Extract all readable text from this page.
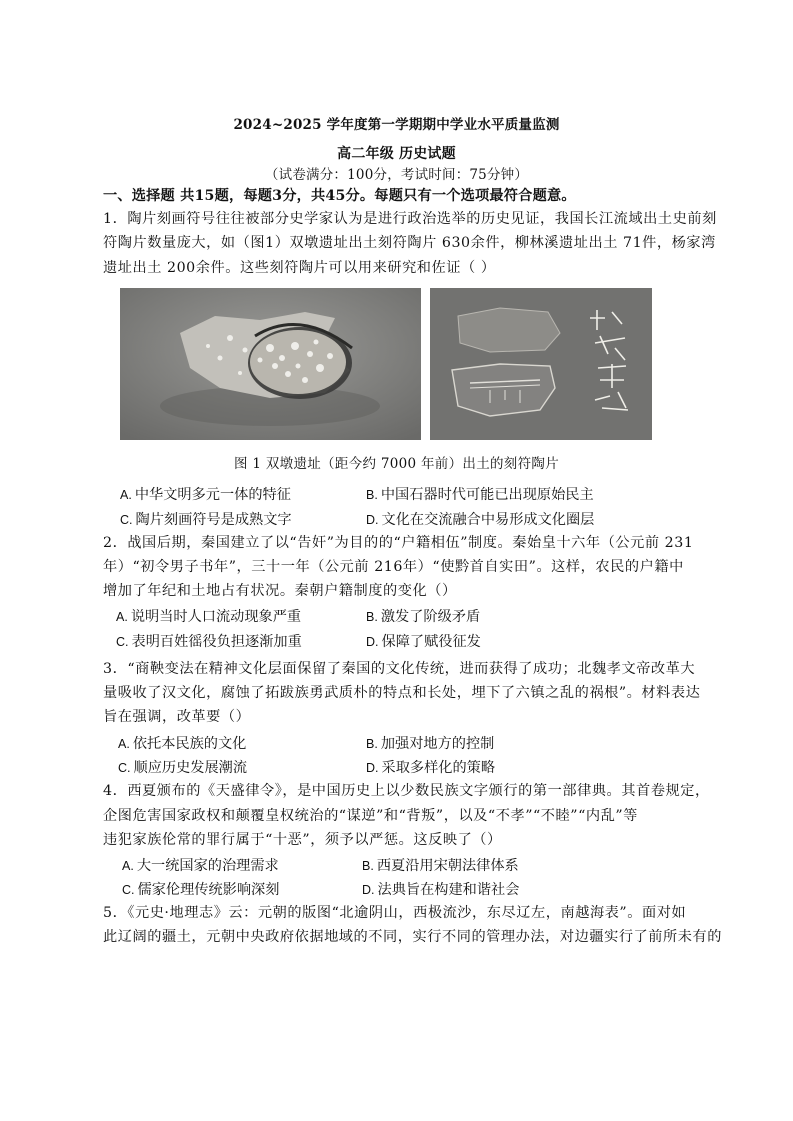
2024~2025 学年度第一学期期中学业水平质量监测
高二年级 历史试题
（试卷满分：100分，考试时间：75分钟）
一、选择题 共15题，每题3分，共45分。每题只有一个选项最符合题意。
1．陶片刻画符号往往被部分史学家认为是进行政治选举的历史见证，我国长江流域出土史前刻
符陶片数量庞大，如（图1）双墩遗址出土刻符陶片 630余件，柳林溪遗址出土 71件，杨家湾
遗址出土 200余件。这些刻符陶片可以用来研究和佐证（ ）
图 1 双墩遗址（距今约 7000 年前）出土的刻符陶片
A. 中华文明多元一体的特征	B. 中国石器时代可能已出现原始民主
C. 陶片刻画符号是成熟文字	D. 文化在交流融合中易形成文化圈层
2．战国后期，秦国建立了以“告奸”为目的的“户籍相伍”制度。秦始皇十六年（公元前 231
年）“初令男子书年”，三十一年（公元前 216年）“使黔首自实田”。这样，农民的户籍中
增加了年纪和土地占有状况。秦朝户籍制度的变化（）
A. 说明当时人口流动现象严重	B. 激发了阶级矛盾
C. 表明百姓徭役负担逐渐加重	D. 保障了赋役征发
3．“商鞅变法在精神文化层面保留了秦国的文化传统，进而获得了成功；北魏孝文帝改革大
量吸收了汉文化，腐蚀了拓跋族勇武质朴的特点和长处，埋下了六镇之乱的祸根”。材料表达
旨在强调，改革要（）
A. 依托本民族的文化	B. 加强对地方的控制
C. 顺应历史发展潮流	D. 采取多样化的策略
4．西夏颁布的《天盛律令》，是中国历史上以少数民族文字颁行的第一部律典。其首卷规定，
企图危害国家政权和颠覆皇权统治的“谋逆”和“背叛”，以及“不孝”“不睦”“内乱”等
违犯家族伦常的罪行属于“十恶”，须予以严惩。这反映了（）
A. 大一统国家的治理需求	B. 西夏沿用宋朝法律体系
C. 儒家伦理传统影响深刻	D. 法典旨在构建和谐社会
5．《元史·地理志》云：元朝的版图“北逾阴山，西极流沙，东尽辽左，南越海表”。面对如
此辽阔的疆土，元朝中央政府依据地域的不同，实行不同的管理办法，对边疆实行了前所未有的
